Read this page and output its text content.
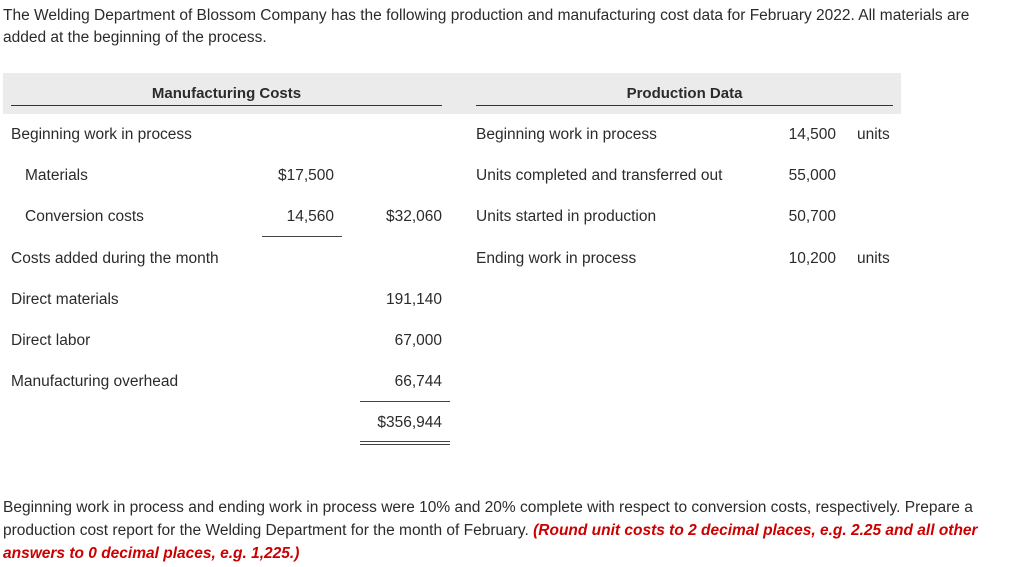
The Welding Department of Blossom Company has the following production and manufacturing cost data for February 2022. All materials are added at the beginning of the process.
Manufacturing Costs	Production Data
Beginning work in process
Materials	$17,500
Conversion costs	14,560	$32,060
Costs added during the month
Direct materials	191,140
Direct labor	67,000
Manufacturing overhead	66,744
$356,944
Beginning work in process	14,500 units
Units completed and transferred out	55,000
Units started in production	50,700
Ending work in process	10,200 units
Beginning work in process and ending work in process were 10% and 20% complete with respect to conversion costs, respectively. Prepare a production cost report for the Welding Department for the month of February. (Round unit costs to 2 decimal places, e.g. 2.25 and all other answers to 0 decimal places, e.g. 1,225.)
